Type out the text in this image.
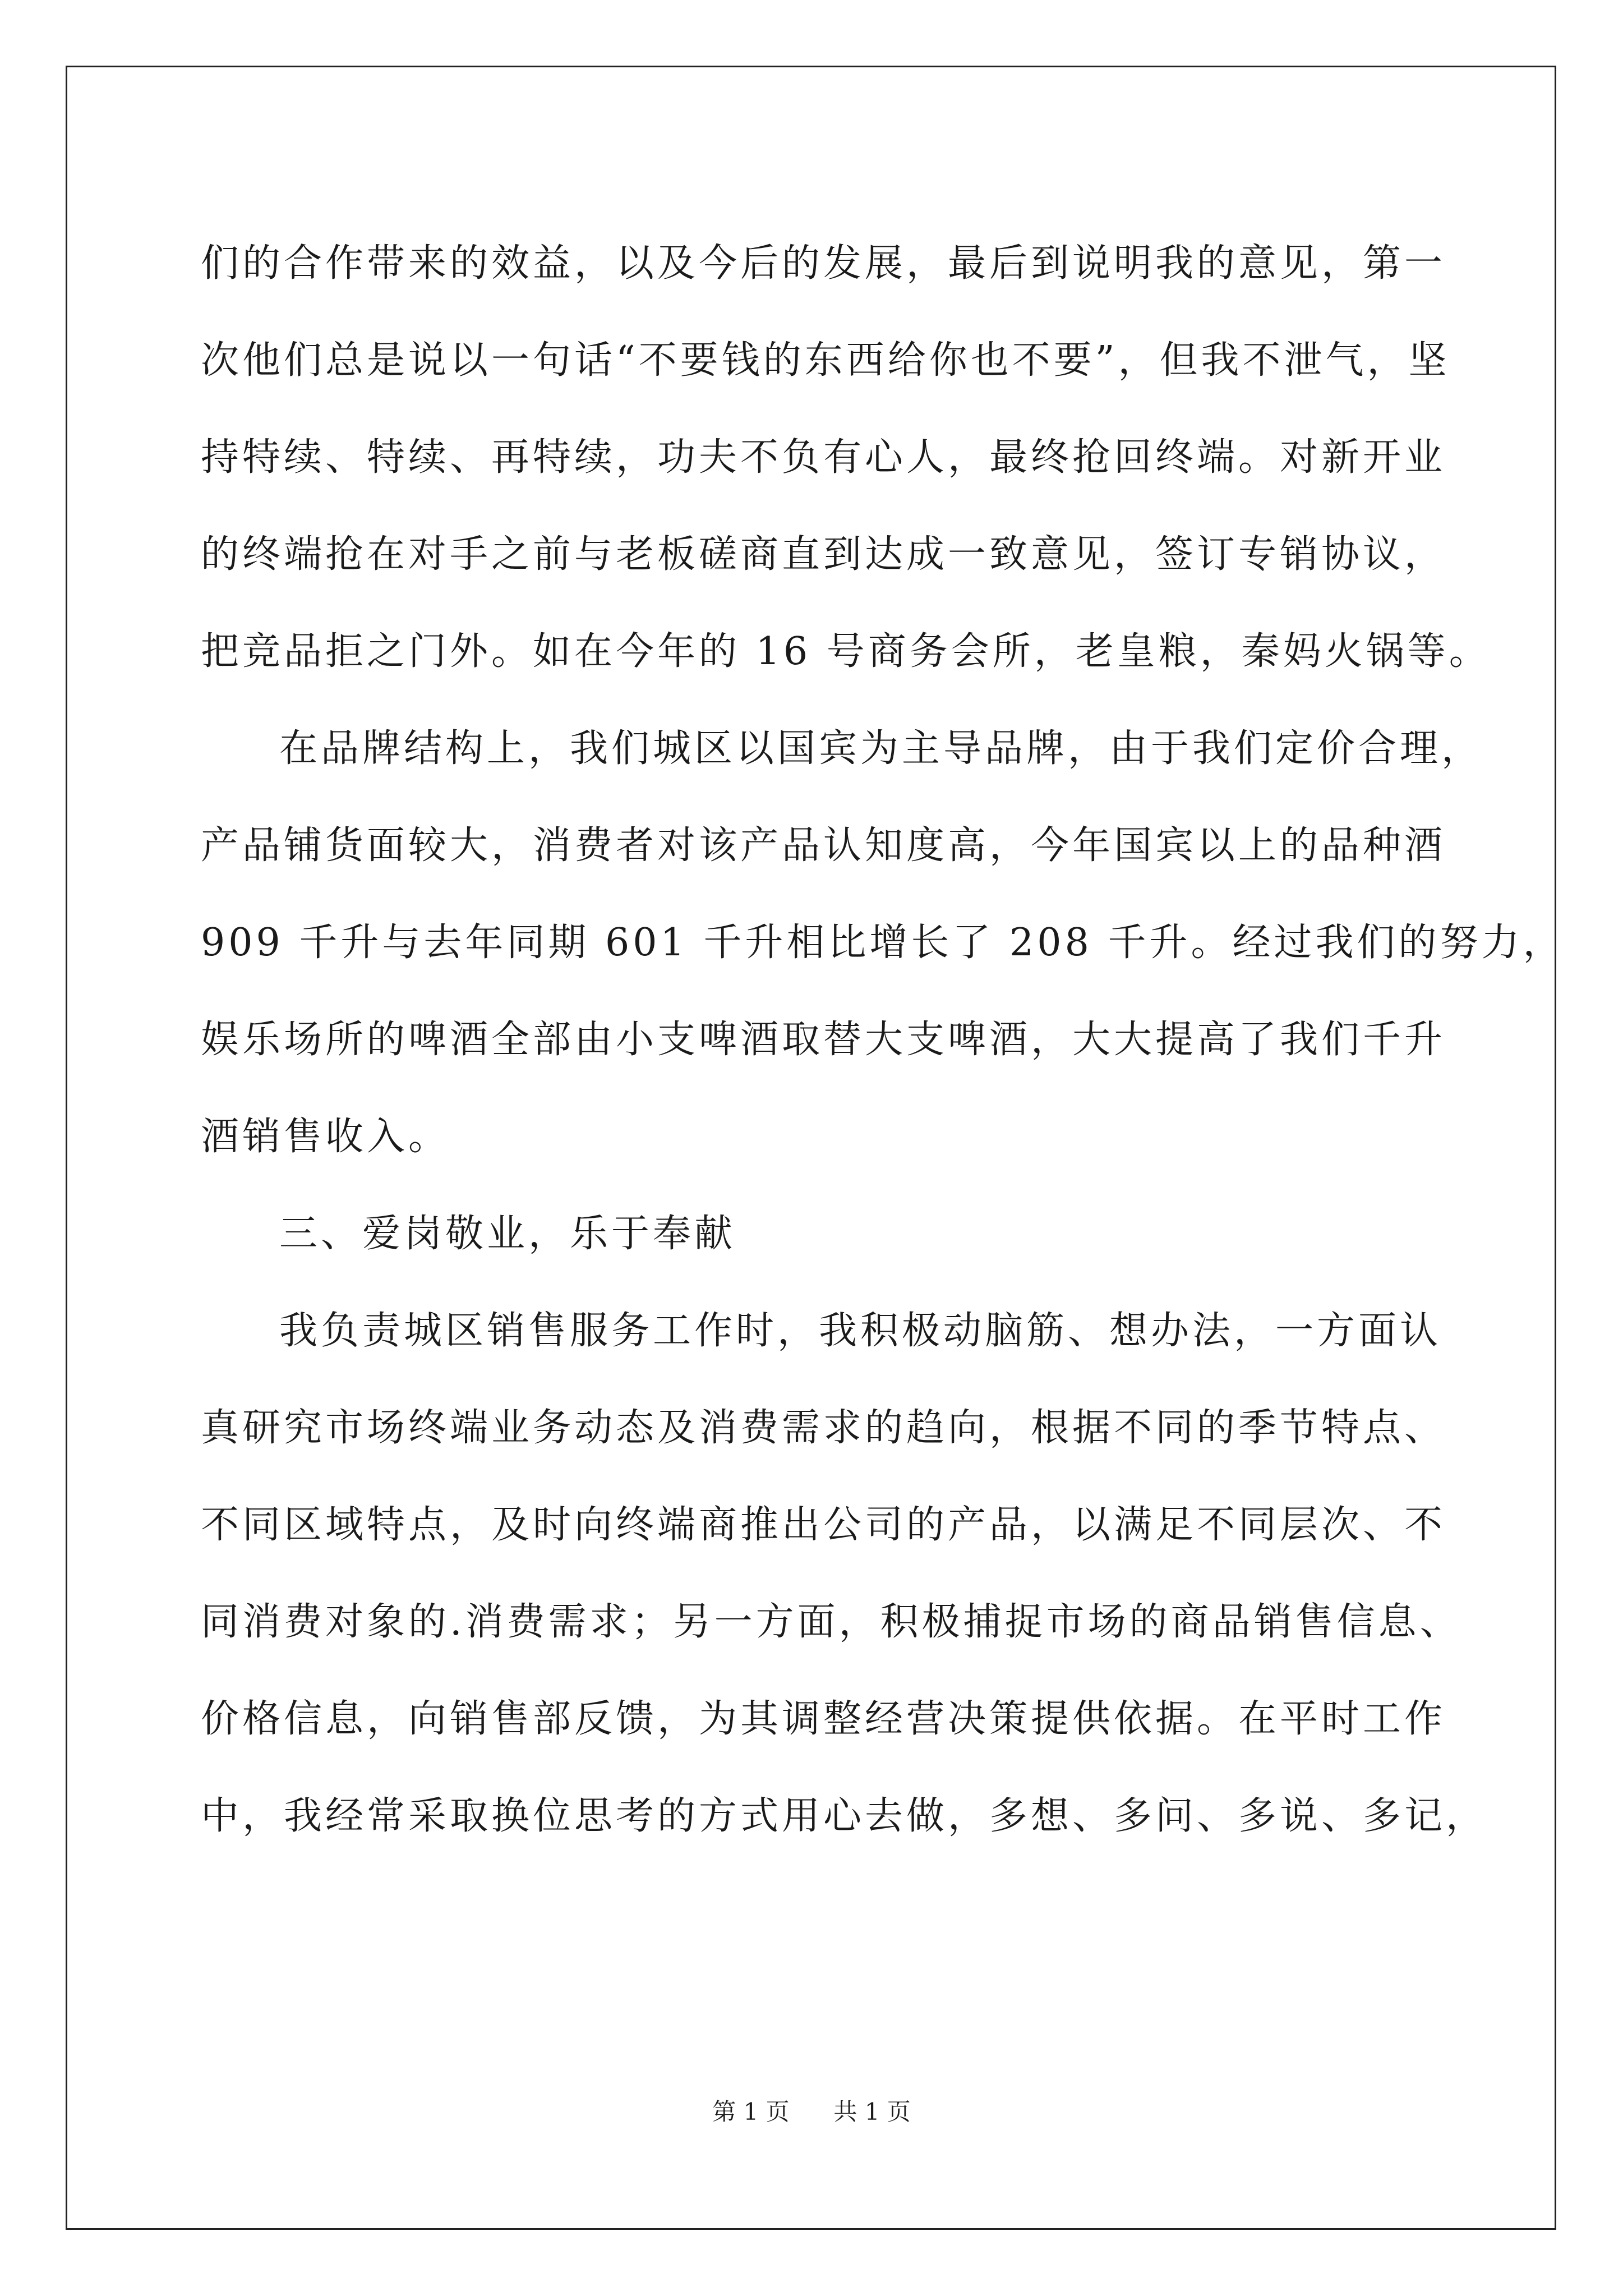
们的合作带来的效益，以及今后的发展，最后到说明我的意见，第一
次他们总是说以一句话“不要钱的东西给你也不要”，但我不泄气，坚
持特续、特续、再特续，功夫不负有心人，最终抢回终端。对新开业
的终端抢在对手之前与老板磋商直到达成一致意见，签订专销协议，
把竞品拒之门外。如在今年的 16 号商务会所，老皇粮，秦妈火锅等。
在品牌结构上，我们城区以国宾为主导品牌，由于我们定价合理，
产品铺货面较大，消费者对该产品认知度高，今年国宾以上的品种酒
909 千升与去年同期 601 千升相比增长了 208 千升。经过我们的努力，
娱乐场所的啤酒全部由小支啤酒取替大支啤酒，大大提高了我们千升
酒销售收入。
三、爱岗敬业，乐于奉献
我负责城区销售服务工作时，我积极动脑筋、想办法，一方面认
真研究市场终端业务动态及消费需求的趋向，根据不同的季节特点、
不同区域特点，及时向终端商推出公司的产品，以满足不同层次、不
同消费对象的.消费需求；另一方面，积极捕捉市场的商品销售信息、
价格信息，向销售部反馈，为其调整经营决策提供依据。在平时工作
中，我经常采取换位思考的方式用心去做，多想、多问、多说、多记，
第 1 页 共 1 页
